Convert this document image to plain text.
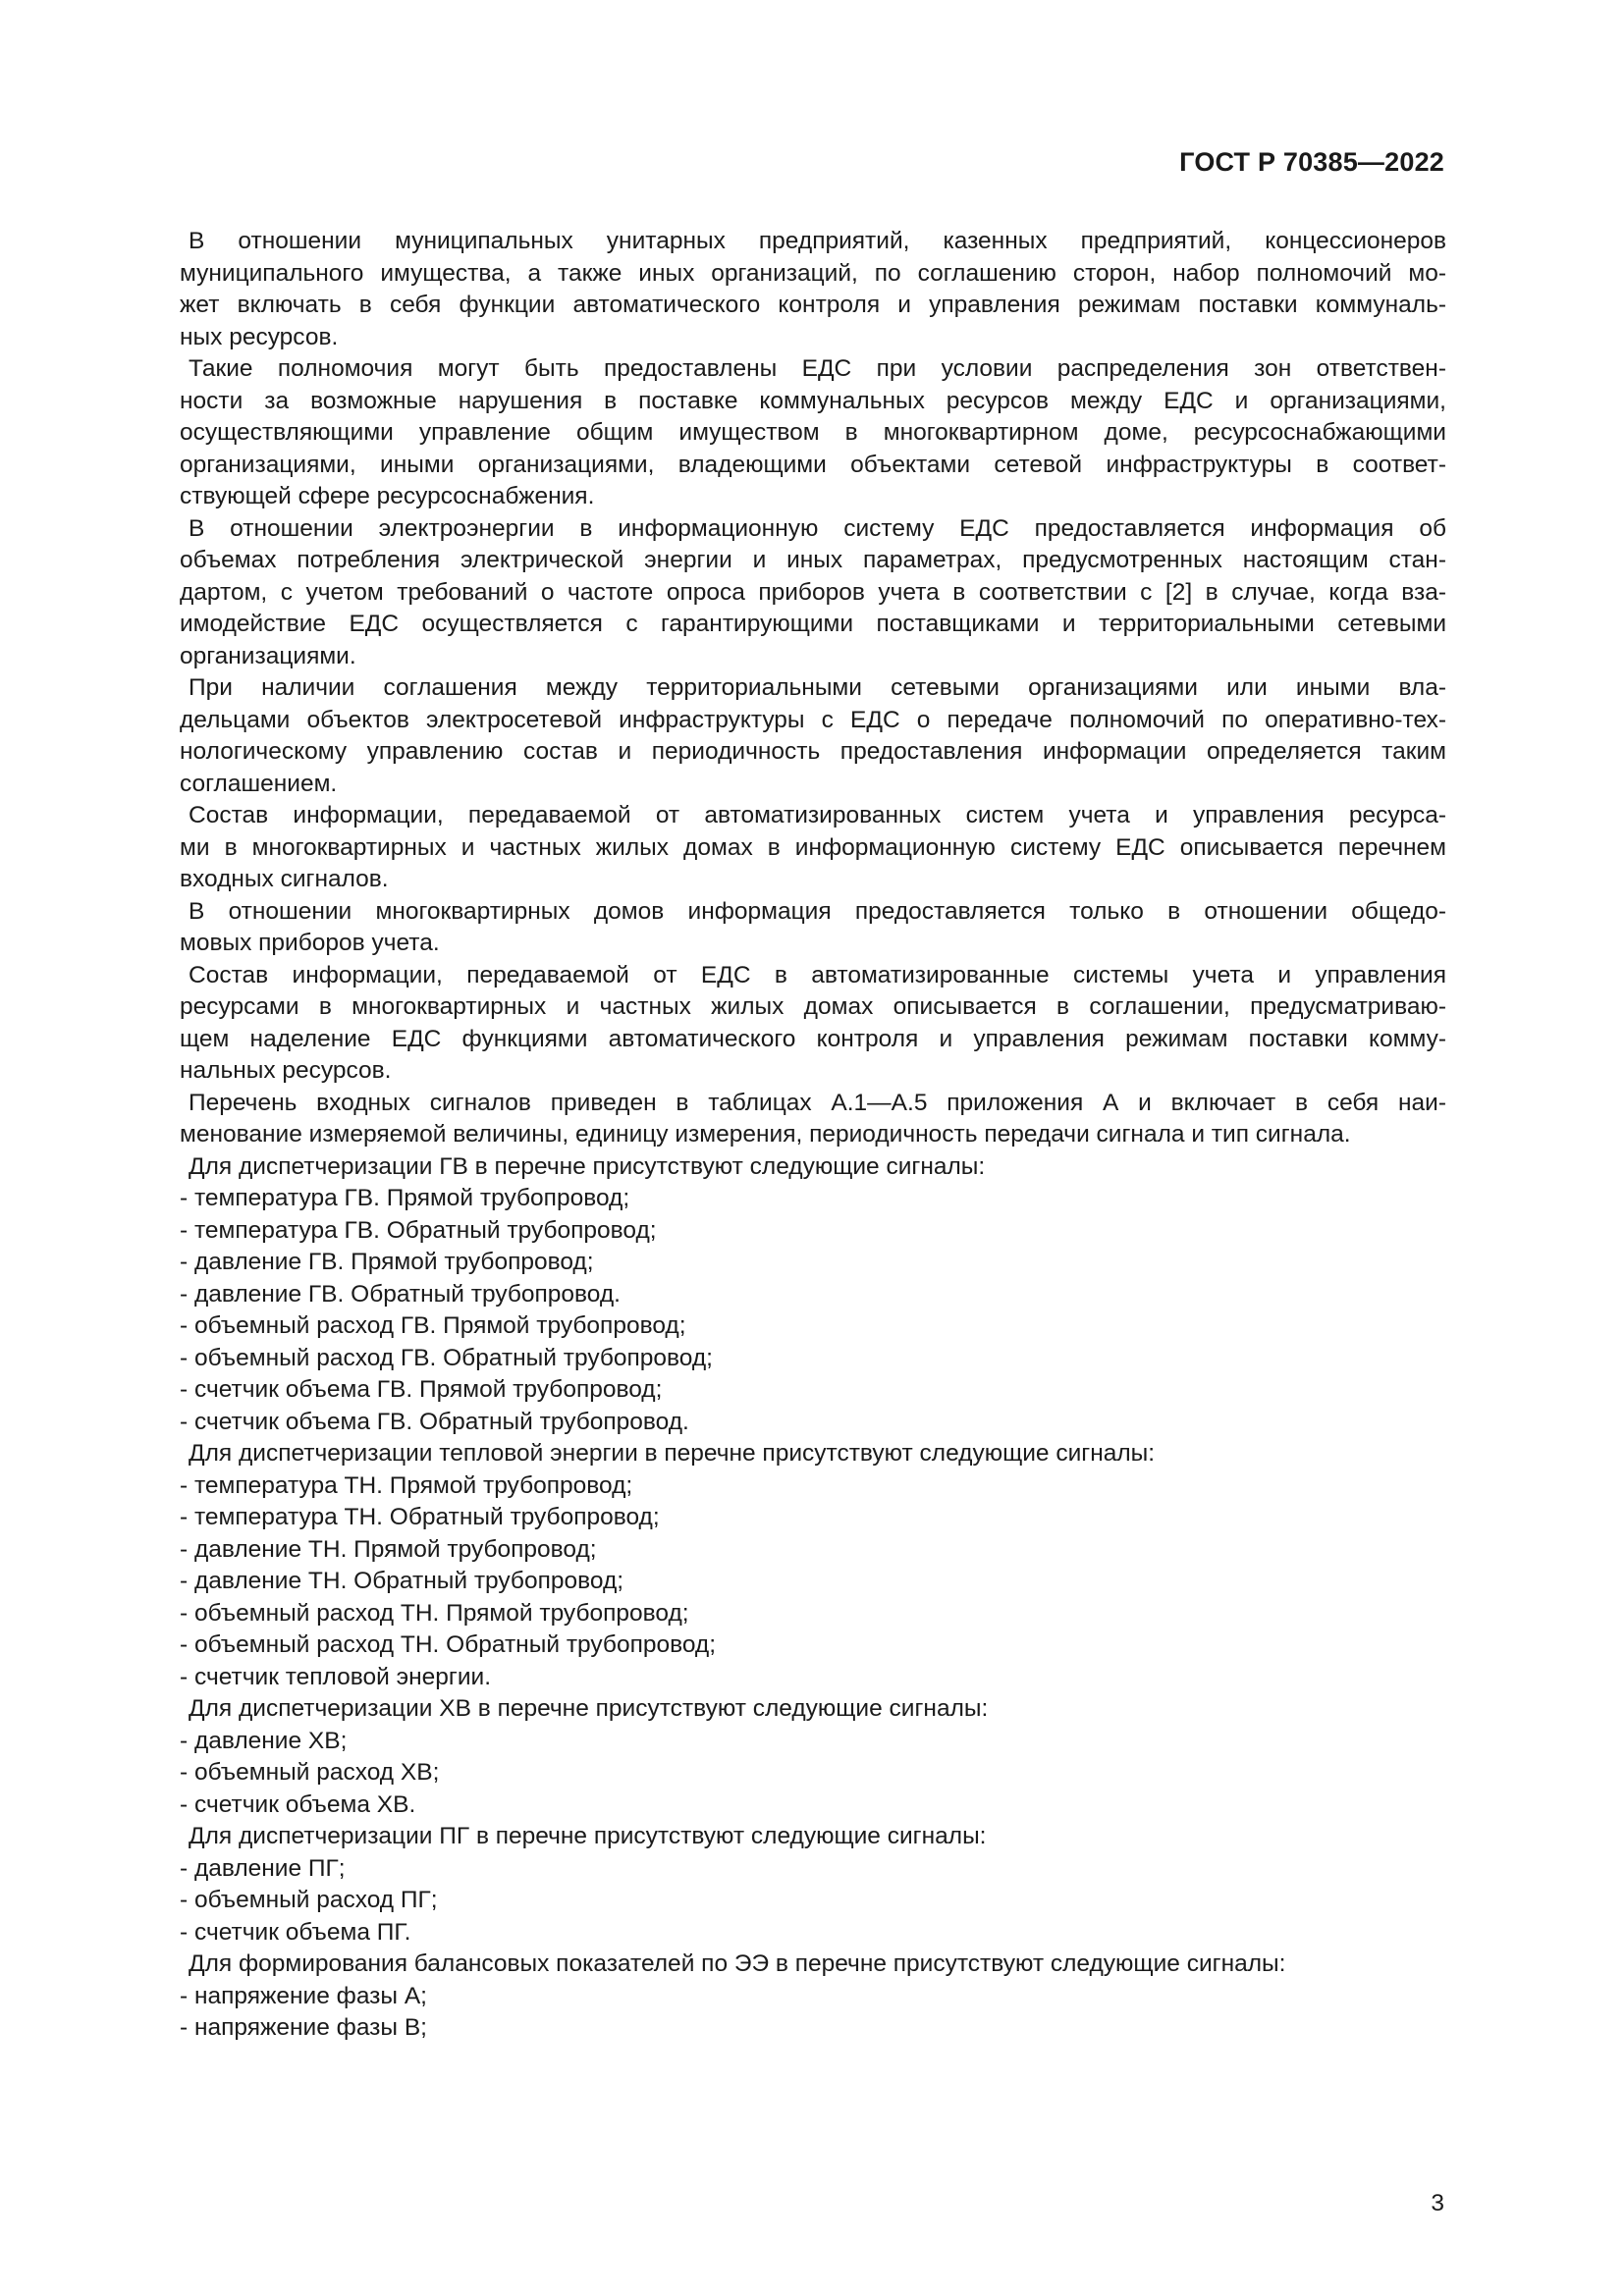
ГОСТ Р 70385—2022

В отношении муниципальных унитарных предприятий, казенных предприятий, концессионеров
муниципального имущества, а также иных организаций, по соглашению сторон, набор полномочий мо-
жет включать в себя функции автоматического контроля и управления режимам поставки коммуналь-
ных ресурсов.

Такие полномочия могут быть предоставлены ЕДС при условии распределения зон ответствен-
ности за возможные нарушения в поставке коммунальных ресурсов между ЕДС и организациями,
осуществляющими управление общим имуществом в многоквартирном доме, ресурсоснабжающими
организациями, иными организациями, владеющими объектами сетевой инфраструктуры в соответ-
ствующей сфере ресурсоснабжения.

В отношении электроэнергии в информационную систему ЕДС предоставляется информация об
объемах потребления электрической энергии и иных параметрах, предусмотренных настоящим стан-
дартом, с учетом требований о частоте опроса приборов учета в соответствии с [2] в случае, когда вза-
имодействие ЕДС осуществляется с гарантирующими поставщиками и территориальными сетевыми
организациями.

При наличии соглашения между территориальными сетевыми организациями или иными вла-
дельцами объектов электросетевой инфраструктуры с ЕДС о передаче полномочий по оперативно-тех-
нологическому управлению состав и периодичность предоставления информации определяется таким
соглашением.

Состав информации, передаваемой от автоматизированных систем учета и управления ресурса-
ми в многоквартирных и частных жилых домах в информационную систему ЕДС описывается перечнем
входных сигналов.

В отношении многоквартирных домов информация предоставляется только в отношении общедо-
мовых приборов учета.

Состав информации, передаваемой от ЕДС в автоматизированные системы учета и управления
ресурсами в многоквартирных и частных жилых домах описывается в соглашении, предусматриваю-
щем наделение ЕДС функциями автоматического контроля и управления режимам поставки комму-
нальных ресурсов.

Перечень входных сигналов приведен в таблицах А.1—А.5 приложения А и включает в себя наи-
менование измеряемой величины, единицу измерения, периодичность передачи сигнала и тип сигнала.

Для диспетчеризации ГВ в перечне присутствуют следующие сигналы:

- температура ГВ. Прямой трубопровод;
- температура ГВ. Обратный трубопровод;
- давление ГВ. Прямой трубопровод;
- давление ГВ. Обратный трубопровод.
- объемный расход ГВ. Прямой трубопровод;
- объемный расход ГВ. Обратный трубопровод;
- счетчик объема ГВ. Прямой трубопровод;
- счетчик объема ГВ. Обратный трубопровод.

Для диспетчеризации тепловой энергии в перечне присутствуют следующие сигналы:

- температура ТН. Прямой трубопровод;
- температура ТН. Обратный трубопровод;
- давление ТН. Прямой трубопровод;
- давление ТН. Обратный трубопровод;
- объемный расход ТН. Прямой трубопровод;
- объемный расход ТН. Обратный трубопровод;
- счетчик тепловой энергии.

Для диспетчеризации ХВ в перечне присутствуют следующие сигналы:

- давление ХВ;
- объемный расход ХВ;
- счетчик объема ХВ.

Для диспетчеризации ПГ в перечне присутствуют следующие сигналы:

- давление ПГ;
- объемный расход ПГ;
- счетчик объема ПГ.

Для формирования балансовых показателей по ЭЭ в перечне присутствуют следующие сигналы:

- напряжение фазы А;
- напряжение фазы В;
3
